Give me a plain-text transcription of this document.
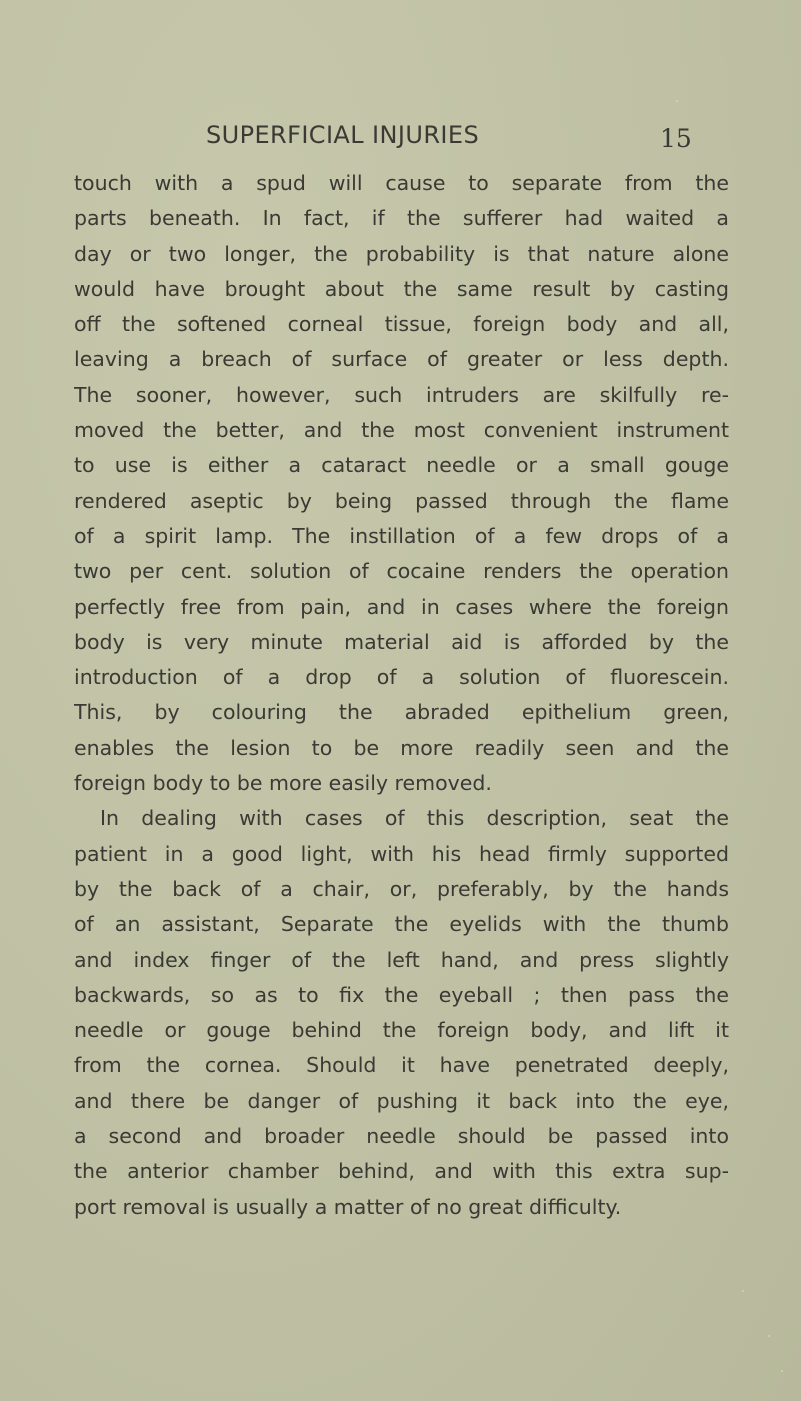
SUPERFICIAL INJURIES	15
touch with a spud will cause to separate from the
parts beneath. In fact, if the sufferer had waited a
day or two longer, the probability is that nature alone
would have brought about the same result by casting
off the softened corneal tissue, foreign body and all,
leaving a breach of surface of greater or less depth.
The sooner, however, such intruders are skilfully re-
moved the better, and the most convenient instrument
to use is either a cataract needle or a small gouge
rendered aseptic by being passed through the flame
of a spirit lamp. The instillation of a few drops of a
two per cent. solution of cocaine renders the operation
perfectly free from pain, and in cases where the foreign
body is very minute material aid is afforded by the
introduction of a drop of a solution of fluorescein.
This, by colouring the abraded epithelium green,
enables the lesion to be more readily seen and the
foreign body to be more easily removed.
In dealing with cases of this description, seat the
patient in a good light, with his head firmly supported
by the back of a chair, or, preferably, by the hands
of an assistant, Separate the eyelids with the thumb
and index finger of the left hand, and press slightly
backwards, so as to fix the eyeball ; then pass the
needle or gouge behind the foreign body, and lift it
from the cornea. Should it have penetrated deeply,
and there be danger of pushing it back into the eye,
a second and broader needle should be passed into
the anterior chamber behind, and with this extra sup-
port removal is usually a matter of no great difficulty.
